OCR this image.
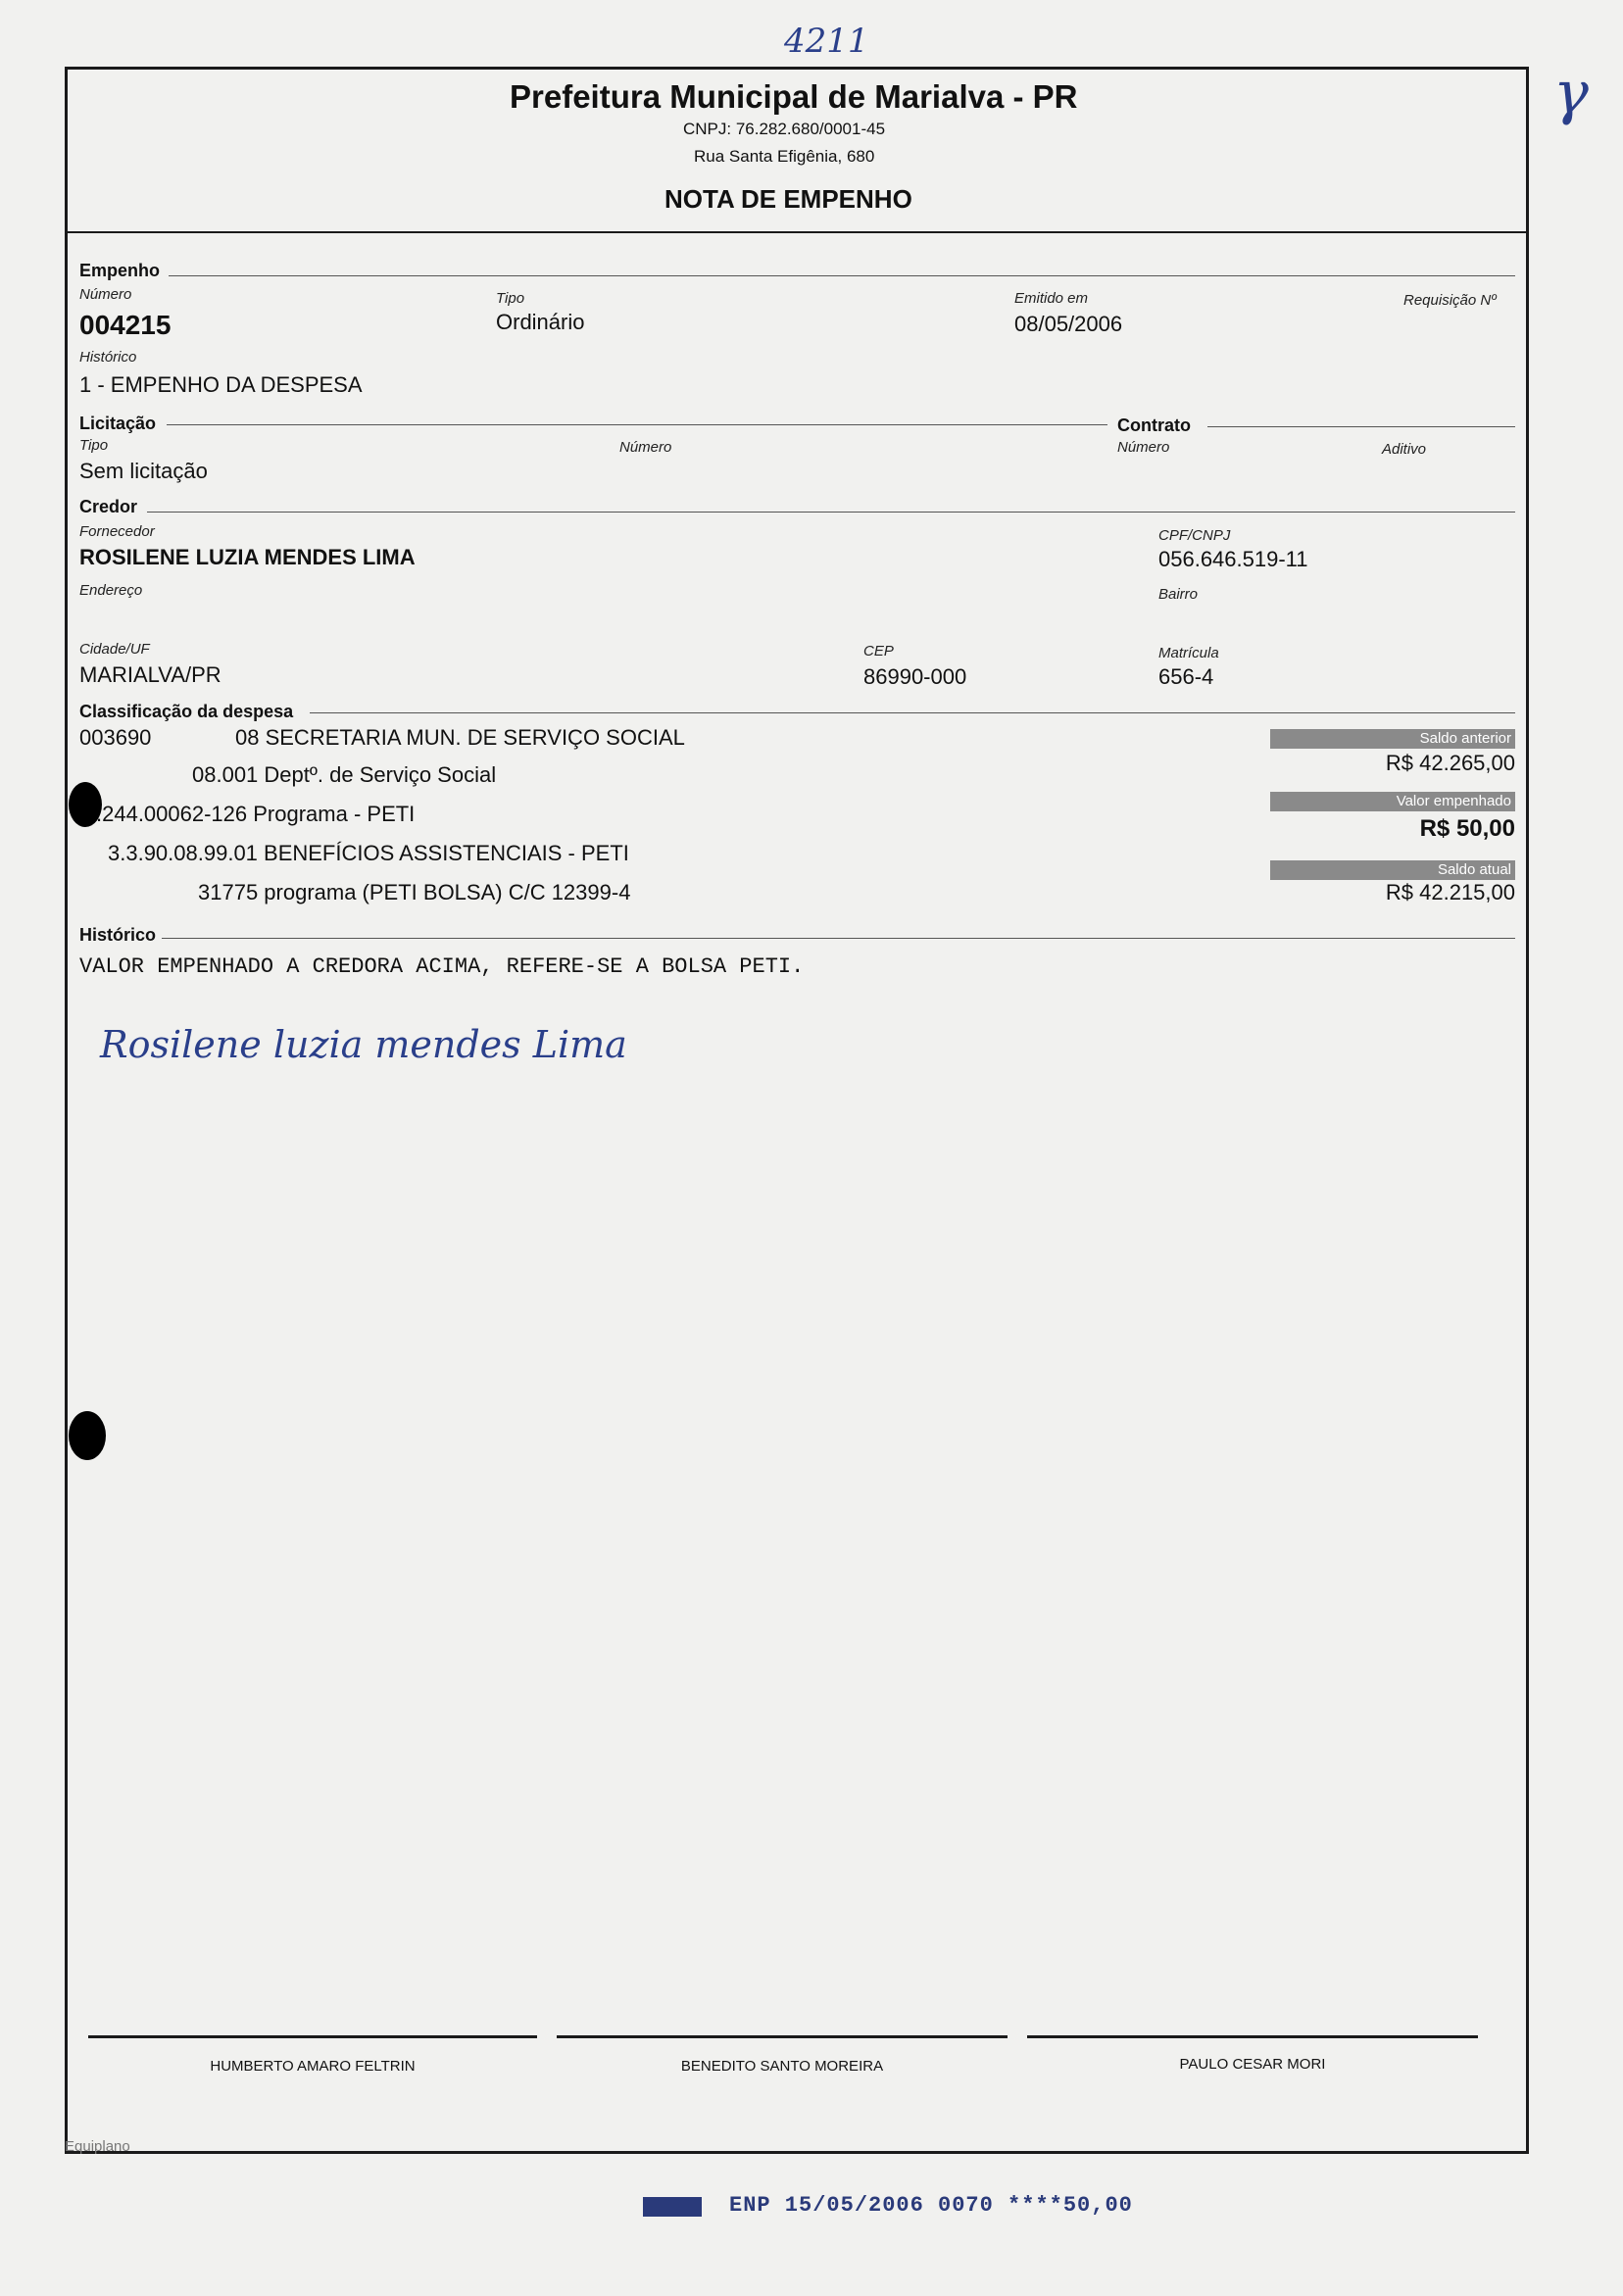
4211
γ
Prefeitura Municipal de Marialva - PR
CNPJ: 76.282.680/0001-45
Rua Santa Efigênia, 680
NOTA DE EMPENHO
Empenho
Número
004215
Tipo
Ordinário
Emitido em
08/05/2006
Requisição Nº
Histórico
1 - EMPENHO DA DESPESA
Licitação	Contrato
Tipo
Sem licitação
Número	Número	Aditivo
Credor
Fornecedor
ROSILENE LUZIA MENDES LIMA
CPF/CNPJ
056.646.519-11
Endereço	Bairro
Cidade/UF
MARIALVA/PR
CEP
86990-000
Matrícula
656-4
Classificação da despesa
003690	08 SECRETARIA MUN. DE SERVIÇO SOCIAL
08.001 Deptº. de Serviço Social
.244.00062-126 Programa - PETI
3.3.90.08.99.01 BENEFÍCIOS ASSISTENCIAIS - PETI
31775 programa (PETI BOLSA) C/C 12399-4
Saldo anterior
R$ 42.265,00
Valor empenhado
R$ 50,00
Saldo atual
R$ 42.215,00
Histórico
VALOR EMPENHADO A CREDORA ACIMA, REFERE-SE A BOLSA PETI.
Rosilene luzia mendes Lima
HUMBERTO AMARO FELTRIN	BENEDITO SANTO MOREIRA	PAULO CESAR MORI
Equiplano
ENP 15/05/2006 0070 ****50,00
